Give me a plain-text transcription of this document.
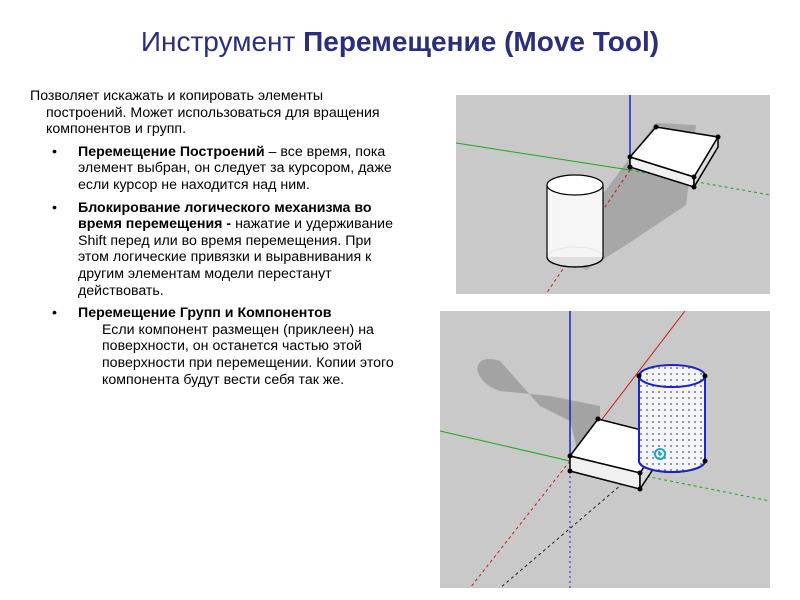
Инструмент Перемещение (Move Tool)

Позволяет искажать и копировать элементы построений. Может использоваться для вращения компонентов и групп.

• Перемещение Построений – все время, пока элемент выбран, он следует за курсором, даже если курсор не находится над ним.
• Блокирование логического механизма во время перемещения - нажатие и удерживание Shift перед или во время перемещения. При этом логические привязки и выравнивания к другим элементам модели перестанут действовать.
• Перемещение Групп и Компонентов
Если компонент размещен (приклеен) на поверхности, он останется частью этой поверхности при перемещении. Копии этого компонента будут вести себя так же.
